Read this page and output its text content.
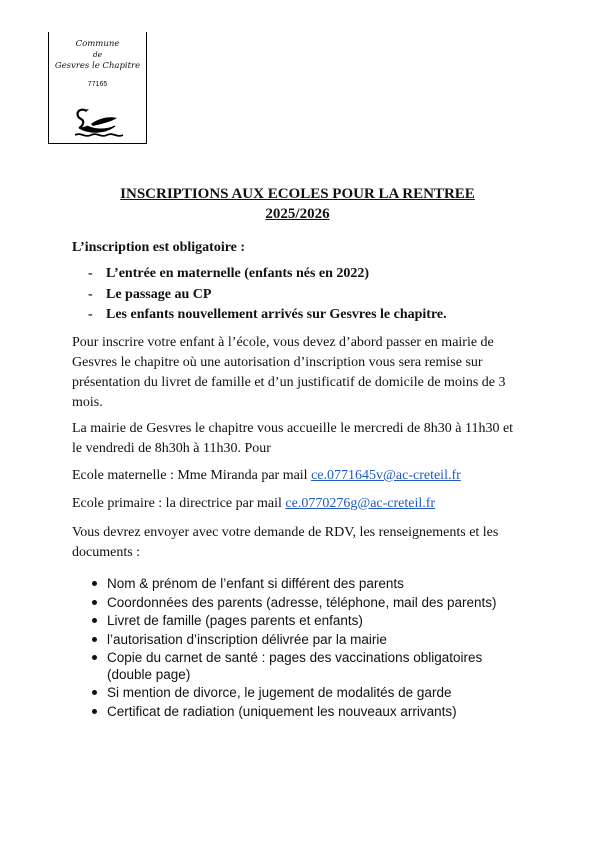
Commune
de
Gesvres le Chapitre
77165
INSCRIPTIONS AUX ECOLES POUR LA RENTREE
2025/2026
L’inscription est obligatoire :
- L’entrée en maternelle (enfants nés en 2022)
- Le passage au CP
- Les enfants nouvellement arrivés sur Gesvres le chapitre.
Pour inscrire votre enfant à l’école, vous devez d’abord passer en mairie de Gesvres le chapitre où une autorisation d’inscription vous sera remise sur présentation du livret de famille et d’un justificatif de domicile de moins de 3 mois.
La mairie de Gesvres le chapitre vous accueille le mercredi de 8h30 à 11h30 et le vendredi de 8h30h à 11h30. Pour
Ecole maternelle : Mme Miranda par mail ce.0771645v@ac-creteil.fr
Ecole primaire : la directrice par mail ce.0770276g@ac-creteil.fr
Vous devrez envoyer avec votre demande de RDV, les renseignements et les documents :
Nom & prénom de l’enfant si différent des parents
Coordonnées des parents (adresse, téléphone, mail des parents)
Livret de famille (pages parents et enfants)
l’autorisation d’inscription délivrée par la mairie
Copie du carnet de santé : pages des vaccinations obligatoires (double page)
Si mention de divorce, le jugement de modalités de garde
Certificat de radiation (uniquement les nouveaux arrivants)
